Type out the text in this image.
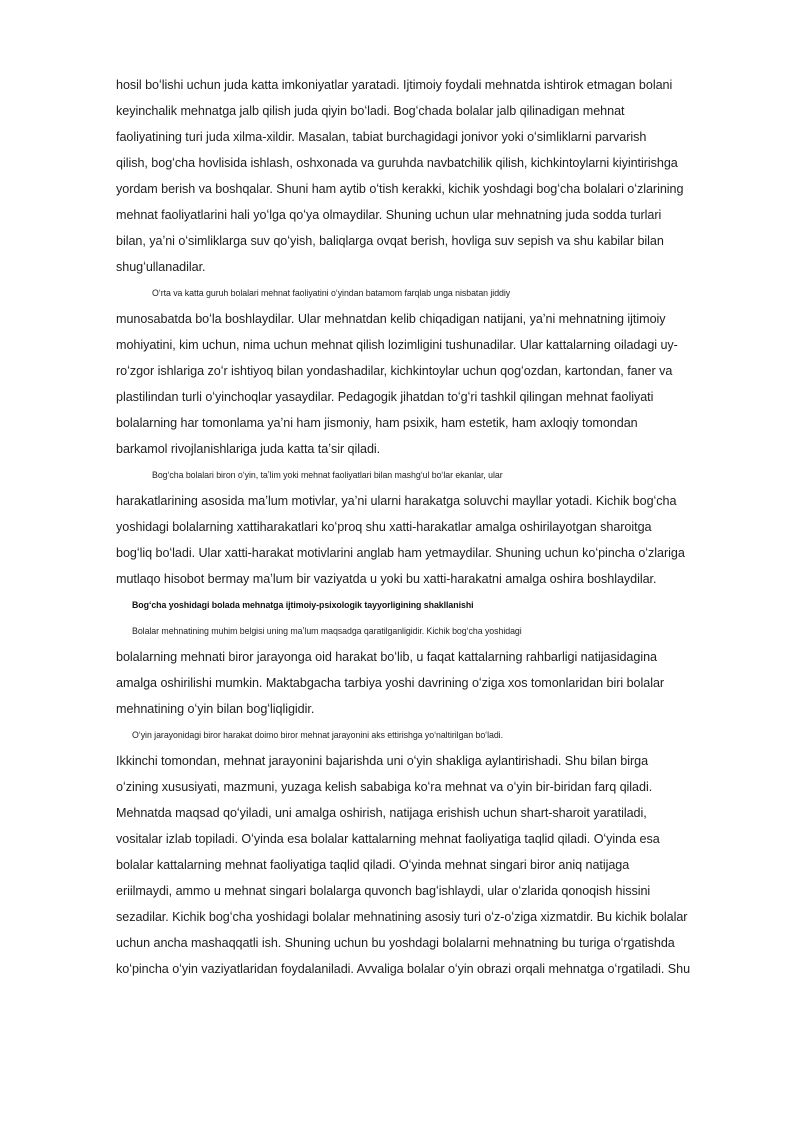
hosil boʻlishi uchun juda katta imkoniyatlar yaratadi. Ijtimoiy foydali mehnatda ishtirok etmagan bolani
keyinchalik mehnatga jalb qilish juda qiyin boʻladi. Bogʻchada bolalar jalb qilinadigan mehnat
faoliyatining turi juda xilma-xildir. Masalan, tabiat burchagidagi jonivor yoki oʻsimliklarni parvarish
qilish, bogʻcha hovlisida ishlash, oshxonada va guruhda navbatchilik qilish, kichkintoylarni kiyintirishga
yordam berish va boshqalar. Shuni ham aytib oʻtish kerakki, kichik yoshdagi bogʻcha bolalari oʻzlarining
mehnat faoliyatlarini hali yoʻlga qoʻya olmaydilar. Shuning uchun ular mehnatning juda sodda turlari
bilan, yaʼni oʻsimliklarga suv qoʻyish, baliqlarga ovqat berish, hovliga suv sepish va shu kabilar bilan
shugʻullanadilar.
Oʻrta va katta guruh bolalari mehnat faoliyatini oʻyindan batamom farqlab unga nisbatan jiddiy
munosabatda boʻla boshlaydilar. Ular mehnatdan kelib chiqadigan natijani, yaʼni mehnatning ijtimoiy
mohiyatini, kim uchun, nima uchun mehnat qilish lozimligini tushunadilar. Ular kattalarning oiladagi uy-
roʻzgor ishlariga zoʻr ishtiyoq bilan yondashadilar, kichkintoylar uchun qogʻozdan, kartondan, faner va
plastilindan turli oʻyinchoqlar yasaydilar. Pedagogik jihatdan toʻgʻri tashkil qilingan mehnat faoliyati
bolalarning har tomonlama yaʼni ham jismoniy, ham psixik, ham estetik, ham axloqiy tomondan
barkamol rivojlanishlariga juda katta taʼsir qiladi.
Bogʻcha bolalari biron oʻyin, taʼlim yoki mehnat faoliyatlari bilan mashgʻul boʻlar ekanlar, ular
harakatlarining asosida maʼlum motivlar, yaʼni ularni harakatga soluvchi mayllar yotadi. Kichik bogʻcha
yoshidagi bolalarning xattiharakatlari koʻproq shu xatti-harakatlar amalga oshirilayotgan sharoitga
bogʻliq boʻladi. Ular xatti-harakat motivlarini anglab ham yetmaydilar. Shuning uchun koʻpincha oʻzlariga
mutlaqo hisobot bermay maʼlum bir vaziyatda u yoki bu xatti-harakatni amalga oshira boshlaydilar.
Bogʻcha yoshidagi bolada mehnatga ijtimoiy-psixologik tayyorligining shakllanishi
Bolalar mehnatining muhim belgisi uning maʼlum maqsadga qaratilganligidir. Kichik bogʻcha yoshidagi
bolalarning mehnati biror jarayonga oid harakat boʻlib, u faqat kattalarning rahbarligi natijasidagina
amalga oshirilishi mumkin. Maktabgacha tarbiya yoshi davrining oʻziga xos tomonlaridan biri bolalar
mehnatining oʻyin bilan bogʻliqligidir.
Oʻyin jarayonidagi biror harakat doimo biror mehnat jarayonini aks ettirishga yoʻnaltirilgan boʻladi.
Ikkinchi tomondan, mehnat jarayonini bajarishda uni oʻyin shakliga aylantirishadi. Shu bilan birga
oʻzining xususiyati, mazmuni, yuzaga kelish sababiga koʻra mehnat va oʻyin bir-biridan farq qiladi.
Mehnatda maqsad qoʻyiladi, uni amalga oshirish, natijaga erishish uchun shart-sharoit yaratiladi,
vositalar izlab topiladi. Oʻyinda esa bolalar kattalarning mehnat faoliyatiga taqlid qiladi. Oʻyinda esa
bolalar kattalarning mehnat faoliyatiga taqlid qiladi. Oʻyinda mehnat singari biror aniq natijaga
eriilmaydi, ammo u mehnat singari bolalarga quvonch bagʻishlaydi, ular oʻzlarida qonoqish hissini
sezadilar. Kichik bogʻcha yoshidagi bolalar mehnatining asosiy turi oʻz-oʻziga xizmatdir. Bu kichik bolalar
uchun ancha mashaqqatli ish. Shuning uchun bu yoshdagi bolalarni mehnatning bu turiga oʻrgatishda
koʻpincha oʻyin vaziyatlaridan foydalaniladi. Avvaliga bolalar oʻyin obrazi orqali mehnatga oʻrgatiladi. Shu
